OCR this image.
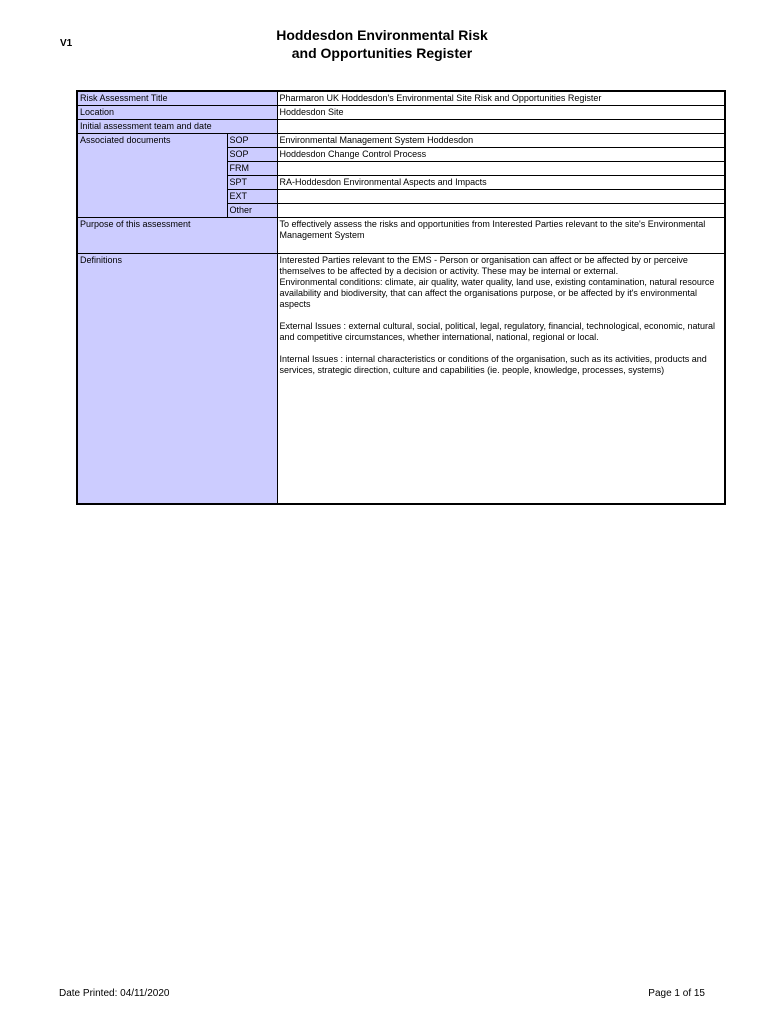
V1
Hoddesdon Environmental Risk
and Opportunities Register
Risk Assessment Title		Pharmaron UK Hoddesdon's Environmental Site Risk and Opportunities Register
Location		Hoddesdon Site
Initial assessment team and date		
Associated documents	SOP	Environmental Management System Hoddesdon
	SOP	Hoddesdon Change Control Process
	FRM	
	SPT	RA-Hoddesdon Environmental Aspects and Impacts
	EXT	
	Other	
Purpose of this assessment		To effectively assess the risks and opportunities from Interested Parties relevant to the site's Environmental Management System
Definitions		Interested Parties relevant to the EMS - Person or organisation can affect or be affected by or perceive themselves to be affected by a decision or activity. These may be internal or external.

Environmental conditions: climate, air quality, water quality, land use, existing contamination, natural resource availability and biodiversity, that can affect the organisations purpose, or be affected by it's environmental aspects

External Issues : external cultural, social, political, legal, regulatory, financial, technological, economic, natural and competitive circumstances, whether international, national, regional or local.

Internal Issues : internal characteristics or conditions of the organisation, such as its activities, products and services, strategic direction, culture and capabilities (ie. people, knowledge, processes, systems)

Date Printed: 04/11/2020	Page 1 of 15
